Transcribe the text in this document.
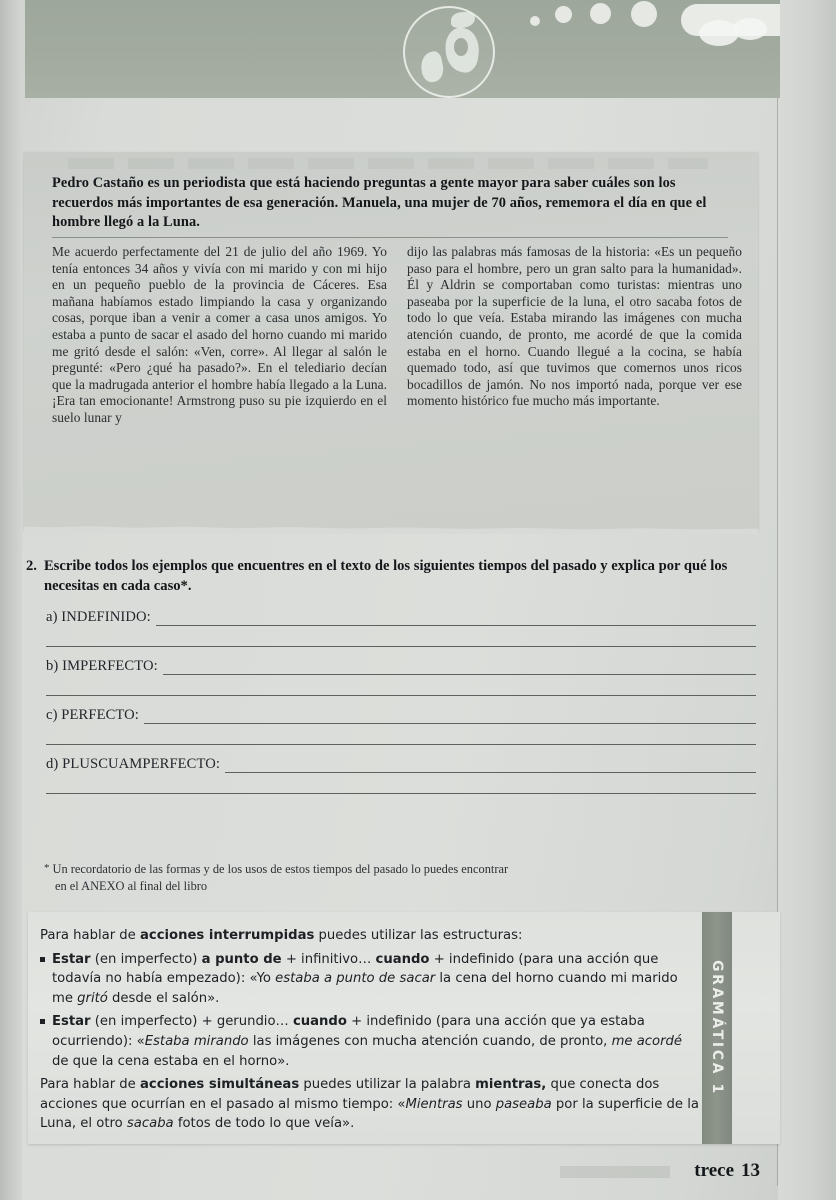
Pedro Castaño es un periodista que está haciendo preguntas a gente mayor para saber cuáles son los recuerdos más importantes de esa generación. Manuela, una mujer de 70 años, rememora el día en que el hombre llegó a la Luna.

Me acuerdo perfectamente del 21 de julio del año 1969. Yo tenía entonces 34 años y vivía con mi marido y con mi hijo en un pequeño pueblo de la provincia de Cáceres. Esa mañana habíamos estado limpiando la casa y organizando cosas, porque iban a venir a comer a casa unos amigos. Yo estaba a punto de sacar el asado del horno cuando mi marido me gritó desde el salón: «Ven, corre». Al llegar al salón le pregunté: «Pero ¿qué ha pasado?». En el telediario decían que la madrugada anterior el hombre había llegado a la Luna. ¡Era tan emocionante! Armstrong puso su pie izquierdo en el suelo lunar y

dijo las palabras más famosas de la historia: «Es un pequeño paso para el hombre, pero un gran salto para la humanidad». Él y Aldrin se comportaban como turistas: mientras uno paseaba por la superficie de la luna, el otro sacaba fotos de todo lo que veía. Estaba mirando las imágenes con mucha atención cuando, de pronto, me acordé de que la comida estaba en el horno. Cuando llegué a la cocina, se había quemado todo, así que tuvimos que comernos unos ricos bocadillos de jamón. No nos importó nada, porque ver ese momento histórico fue mucho más importante.

2. Escribe todos los ejemplos que encuentres en el texto de los siguientes tiempos del pasado y explica por qué los necesitas en cada caso*.
a) INDEFINIDO:
b) IMPERFECTO:
c) PERFECTO:
d) PLUSCUAMPERFECTO:
* Un recordatorio de las formas y de los usos de estos tiempos del pasado lo puedes encontrar
en el ANEXO al final del libro

Para hablar de acciones interrumpidas puedes utilizar las estructuras:

Estar (en imperfecto) a punto de + infinitivo… cuando + indefinido (para una acción que todavía no había empezado): «Yo estaba a punto de sacar la cena del horno cuando mi marido me gritó desde el salón».
Estar (en imperfecto) + gerundio… cuando + indefinido (para una acción que ya estaba ocurriendo): «Estaba mirando las imágenes con mucha atención cuando, de pronto, me acordé de que la cena estaba en el horno».

Para hablar de acciones simultáneas puedes utilizar la palabra mientras, que conecta dos acciones que ocurrían en el pasado al mismo tiempo: «Mientras uno paseaba por la superficie de la Luna, el otro sacaba fotos de todo lo que veía».

GRAMÁTICA 1
trece 13
